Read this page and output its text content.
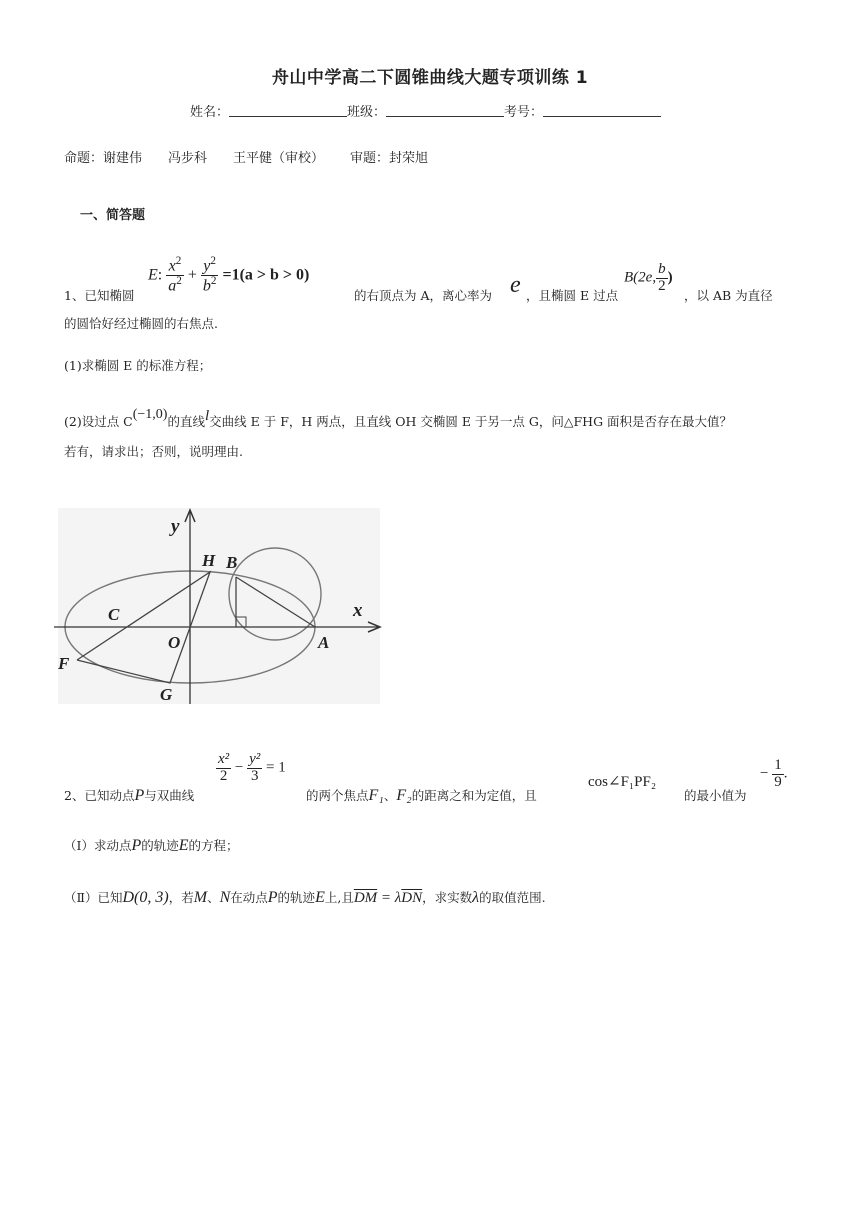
舟山中学高二下圆锥曲线大题专项训练 1
姓名：	班级：	考号：
命题：谢建伟 冯步科 王平健（审校） 审题：封荣旭
一、简答题
1、已知椭圆
E: $\frac{x^2}{a^2} + \frac{y^2}{b^2} =1(a > b > 0)$
的右顶点为 A，离心率为 e ，且椭圆 E 过点
B(2e, $\frac{b}{2}$ )
，以 AB 为直径
的圆恰好经过椭圆的右焦点.
(1)求椭圆 E 的标准方程；
(2)设过点 C(−1,0)的直线l交曲线 E 于 F，H 两点，且直线 OH 交椭圆 E 于另一点 G，问△FHG 面积是否存在最大值？
若有，请求出；否则，说明理由.
y
x
H B
C
O	A
F
G
2、已知动点P与双曲线
$\frac{\text{x²}}{2} - \frac{\text{y²}}{3} = 1$
的两个焦点F₁、F₂的距离之和为定值，且
cos∠F₁PF₂
的最小值为
− $\frac{1}{9}$ .
（Ⅰ）求动点P的轨迹E的方程；
（Ⅱ）已知D(0, 3)，若M、N在动点P的轨迹E上,且$\overline{DM} = \lambda\overline{DN}$，求实数λ的取值范围.
